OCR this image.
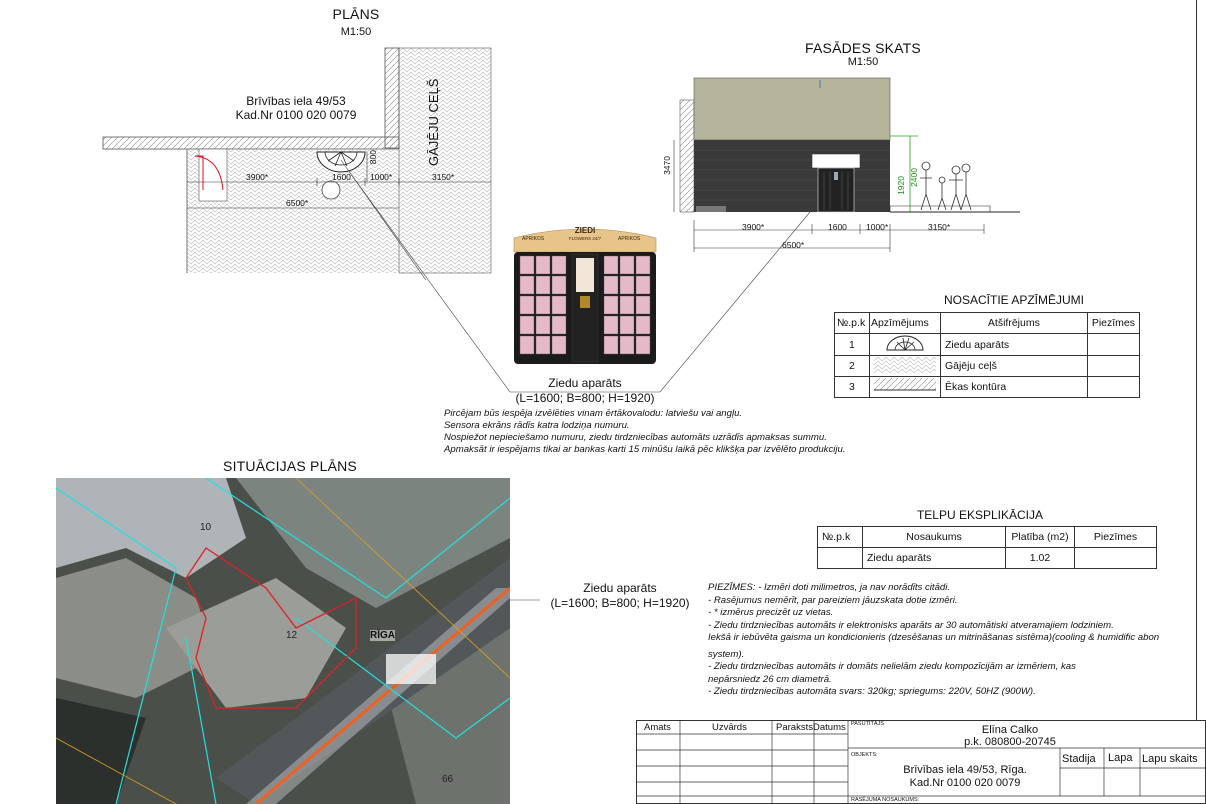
PLĀNS
M1:50
Brīvības iela 49/53
Kad.Nr 0100 020 0079	GĀJĒJU CEĻŠ
3900*	1600 1000*	3150*
6500*
800
FASĀDES SKATS
M1:50
3470
1920 2400
3900*	1600 1000*	3150*
6500*
ZIEDI
FLOWERS 24/7
APRIKOS	APRIKOS
Ziedu aparāts
(L=1600; B=800; H=1920)
Pircējam būs iespēja izvēlēties vinam ērtākovalodu: latviešu vai angļu.
Sensora ekrāns rādīs katra lodziņa numuru.
Nospiežot nepieciešamo numuru, ziedu tirdzniecības automāts uzrādīs apmaksas summu.
Apmaksāt ir iespējams tikai ar bankas karti 15 minūšu laikā pēc klikšķa par izvēlēto produkciju.
NOSACĪTIE APZĪMĒJUMI
№.p.k	Apzīmējums	Atšifrējums	Piezīmes
1		Ziedu aparāts	
2		Gājēju ceļš	
3		Ēkas kontūra	
SITUĀCIJAS PLĀNS
10
12
66
RĪGA
Ziedu aparāts
(L=1600; B=800; H=1920)
TELPU EKSPLIKĀCIJA
№.p.k	Nosaukums	Platība (m2)	Piezīmes
	Ziedu aparāts	1.02	
PIEZĪMES: - Izmēri doti milimetros, ja nav norādīts citādi.
- Rasējumus nemērīt, par pareiziem jāuzskata dotie izmēri.
- * izmērus precizēt uz vietas.
- Ziedu tirdzniecības automāts ir elektronisks aparāts ar 30 automātiski atveramajiem lodziniem.
Iekšā ir iebūvēta gaisma un kondicionieris (dzesēšanas un mitrināšanas sistēma)(cooling & humidific abon
system).
- Ziedu tirdzniecības automāts ir domāts nelielām ziedu kompozīcijām ar izmēriem, kas
nepārsniedz 26 cm diametrā.
- Ziedu tirdzniecības automāta svars: 320kg; spriegums: 220V, 50HZ (900W).
Amats	Uzvārds	Paraksts Datums PASŪTĪTĀJS	Elīna Calko
p.k. 080800-20745
OBJEKTS:
Brīvības iela 49/53, Rīga.
Kad.Nr 0100 020 0079
Stadija Lapa Lapu skaits
RASĒJUMA NOSAUKUMS:
